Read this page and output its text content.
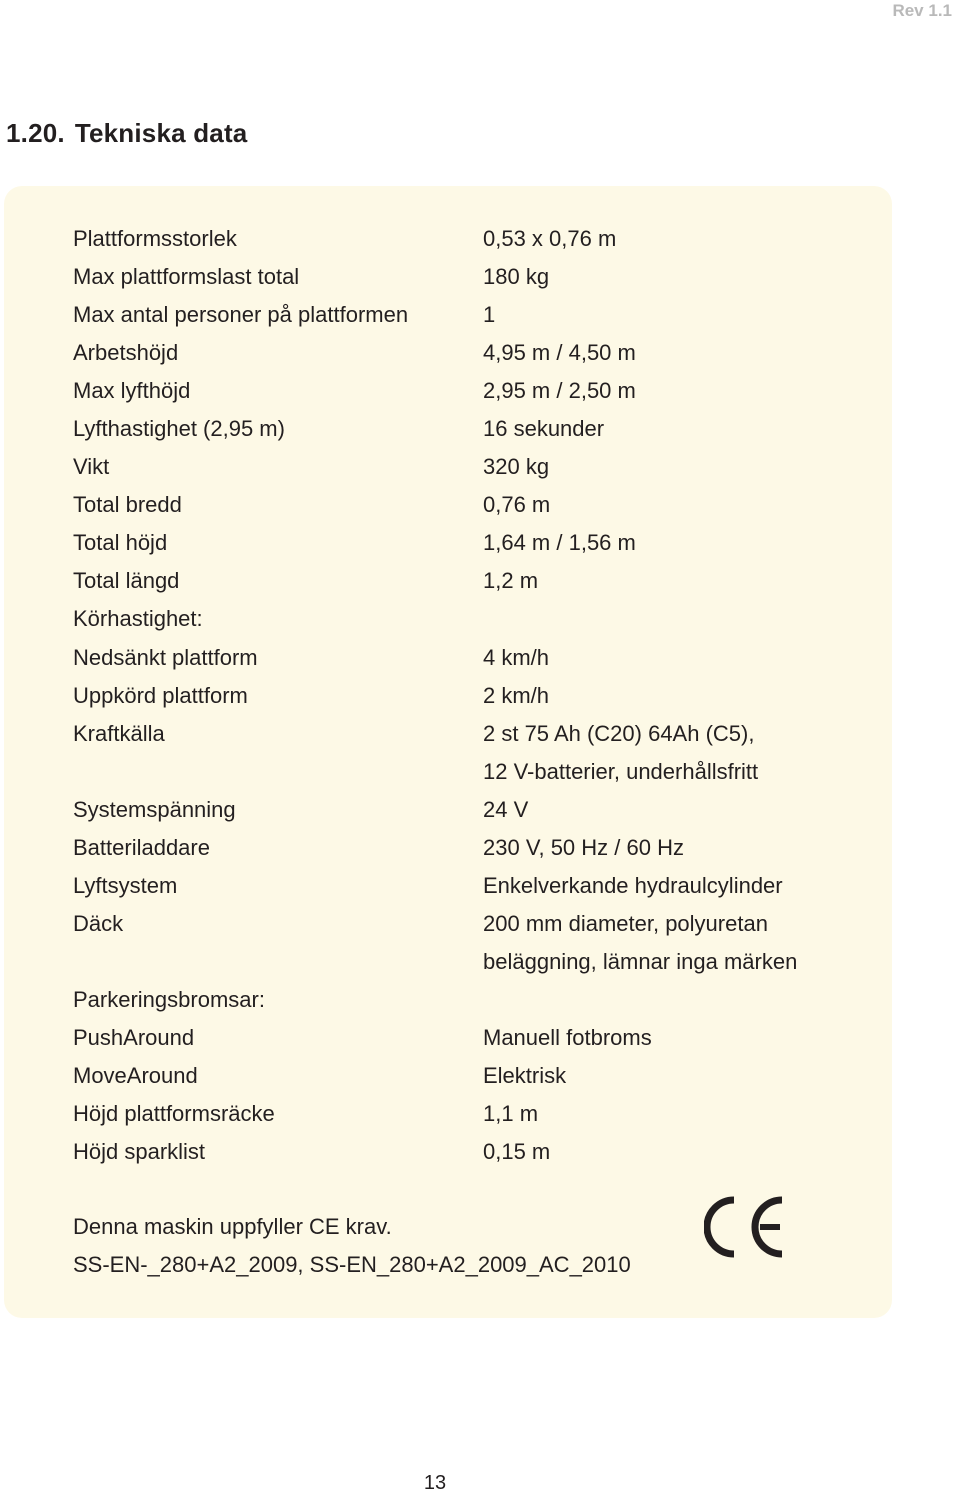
Rev 1.1
1.20. Tekniska data
Plattformsstorlek	0,53 x 0,76 m
Max plattformslast total	180 kg
Max antal personer på plattformen	1
Arbetshöjd	4,95 m / 4,50 m
Max lyfthöjd	2,95 m / 2,50 m
Lyfthastighet (2,95 m)	16 sekunder
Vikt	320 kg
Total bredd	0,76 m
Total höjd	1,64 m / 1,56 m
Total längd	1,2 m
Körhastighet:
Nedsänkt plattform	4 km/h
Uppkörd plattform	2 km/h
Kraftkälla	2 st 75 Ah (C20) 64Ah (C5),
12 V-batterier, underhållsfritt
Systemspänning	24 V
Batteriladdare	230 V, 50 Hz / 60 Hz
Lyftsystem	Enkelverkande hydraulcylinder
Däck	200 mm diameter, polyuretan
beläggning, lämnar inga märken
Parkeringsbromsar:
PushAround	Manuell fotbroms
MoveAround	Elektrisk
Höjd plattformsräcke	1,1 m
Höjd sparklist	0,15 m
Denna maskin uppfyller CE krav.
SS-EN-_280+A2_2009, SS-EN_280+A2_2009_AC_2010
13
